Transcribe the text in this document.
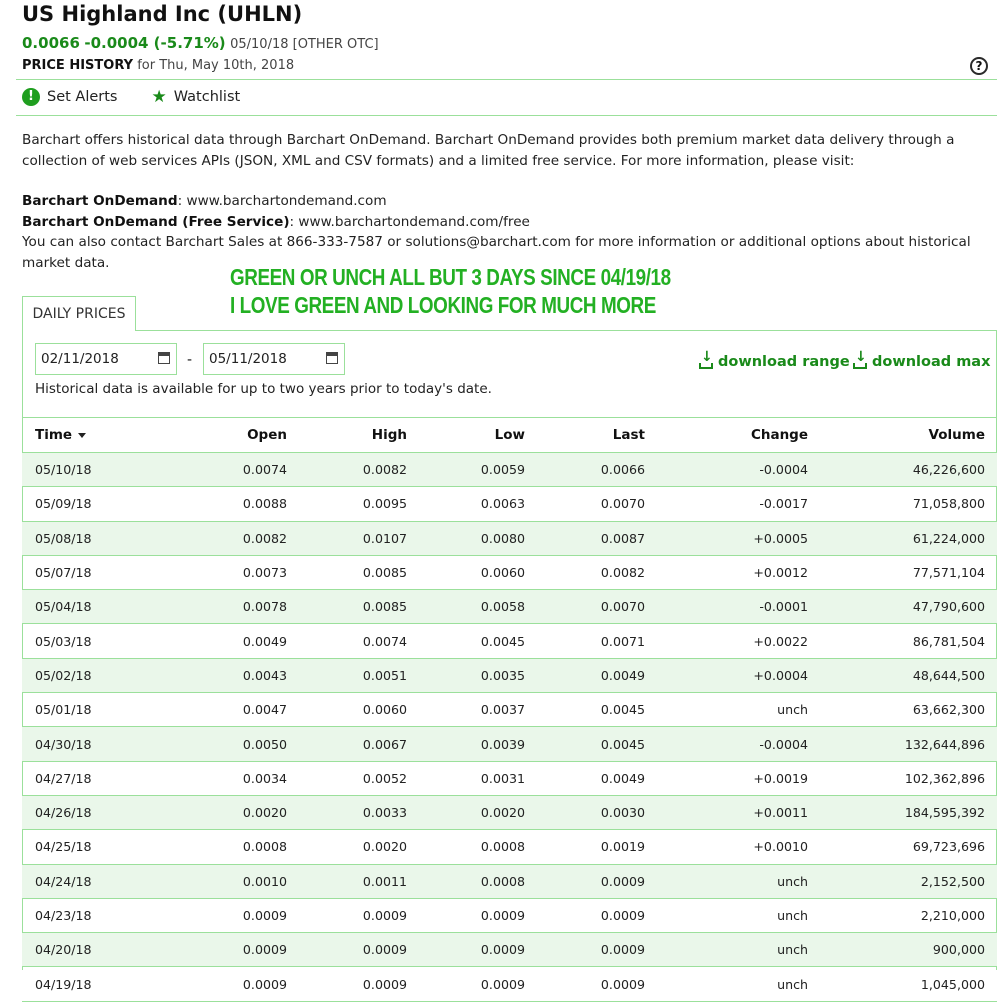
US Highland Inc (UHLN)
0.0066 -0.0004 (-5.71%) 05/10/18 [OTHER OTC]
PRICE HISTORY for Thu, May 10th, 2018	?
! Set Alerts ★ Watchlist

Barchart offers historical data through Barchart OnDemand. Barchart OnDemand provides both premium market data delivery through a collection of web services APIs (JSON, XML and CSV formats) and a limited free service. For more information, please visit:

Barchart OnDemand: www.barchartondemand.com

Barchart OnDemand (Free Service): www.barchartondemand.com/free

You can also contact Barchart Sales at 866-333-7587 or solutions@barchart.com for more information or additional options about historical market data.

GREEN OR UNCH ALL BUT 3 DAYS SINCE 04/19/18
I LOVE GREEN AND LOOKING FOR MUCH MORE
DAILY PRICES
02/11/2018	-	05/11/2018 ↓	download range ↓ download max
Historical data is available for up to two years prior to today's date.
Time	Open	High	Low	Last	Change	Volume
05/10/18	0.0074	0.0082	0.0059	0.0066	-0.0004	46,226,600
05/09/18	0.0088	0.0095	0.0063	0.0070	-0.0017	71,058,800
05/08/18	0.0082	0.0107	0.0080	0.0087	+0.0005	61,224,000
05/07/18	0.0073	0.0085	0.0060	0.0082	+0.0012	77,571,104
05/04/18	0.0078	0.0085	0.0058	0.0070	-0.0001	47,790,600
05/03/18	0.0049	0.0074	0.0045	0.0071	+0.0022	86,781,504
05/02/18	0.0043	0.0051	0.0035	0.0049	+0.0004	48,644,500
05/01/18	0.0047	0.0060	0.0037	0.0045	unch	63,662,300
04/30/18	0.0050	0.0067	0.0039	0.0045	-0.0004	132,644,896
04/27/18	0.0034	0.0052	0.0031	0.0049	+0.0019	102,362,896
04/26/18	0.0020	0.0033	0.0020	0.0030	+0.0011	184,595,392
04/25/18	0.0008	0.0020	0.0008	0.0019	+0.0010	69,723,696
04/24/18	0.0010	0.0011	0.0008	0.0009	unch	2,152,500
04/23/18	0.0009	0.0009	0.0009	0.0009	unch	2,210,000
04/20/18	0.0009	0.0009	0.0009	0.0009	unch	900,000
04/19/18	0.0009	0.0009	0.0009	0.0009	unch	1,045,000
